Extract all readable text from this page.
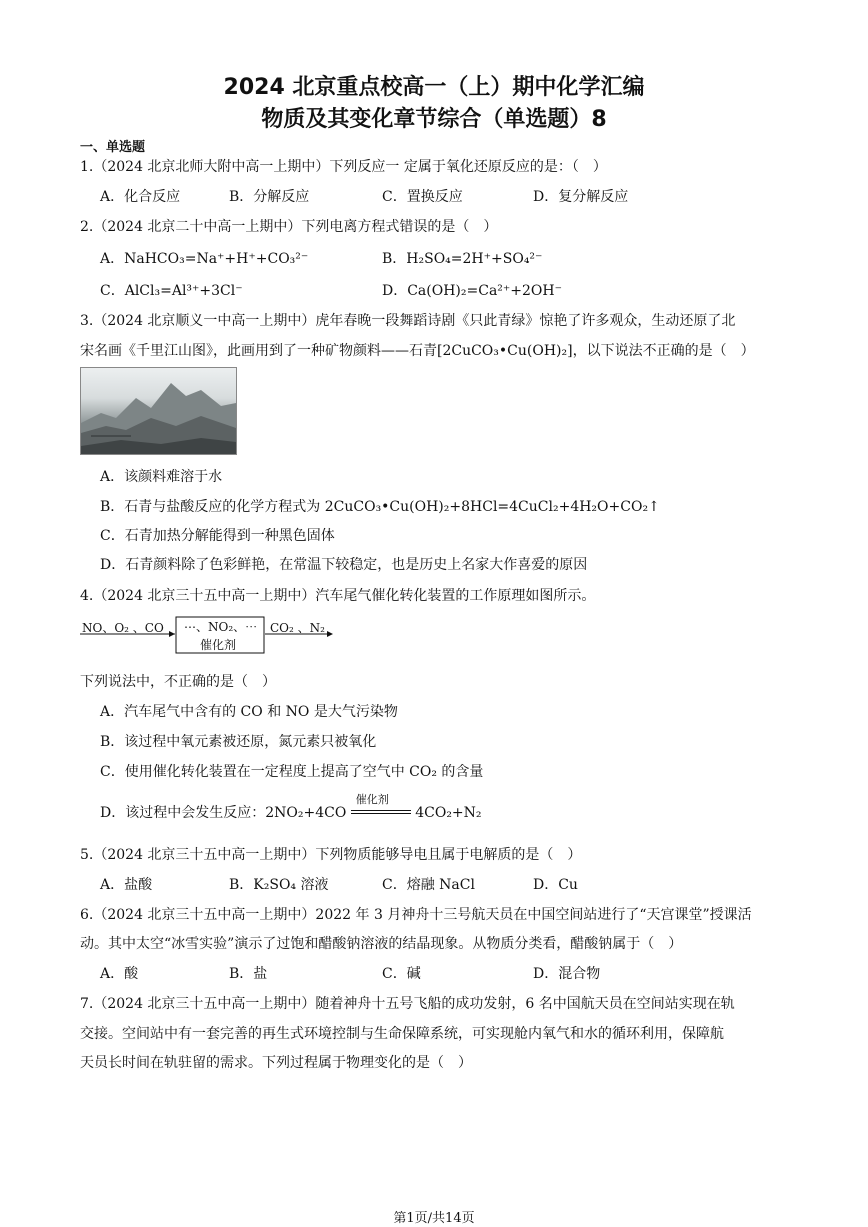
2024 北京重点校高一（上）期中化学汇编
物质及其变化章节综合（单选题）8
一、单选题
1.（2024 北京北师大附中高一上期中）下列反应一 定属于氧化还原反应的是：（　）
A．化合反应	B．分解反应	C．置换反应	D．复分解反应
2.（2024 北京二十中高一上期中）下列电离方程式错误的是（　）
A．NaHCO₃=Na⁺+H⁺+CO₃²⁻	B．H₂SO₄=2H⁺+SO₄²⁻
C．AlCl₃=Al³⁺+3Cl⁻	D．Ca(OH)₂=Ca²⁺+2OH⁻
3.（2024 北京顺义一中高一上期中）虎年春晚一段舞蹈诗剧《只此青绿》惊艳了许多观众，生动还原了北
宋名画《千里江山图》，此画用到了一种矿物颜料——石青[2CuCO₃•Cu(OH)₂]，以下说法不正确的是（　）
A．该颜料难溶于水
B．石青与盐酸反应的化学方程式为 2CuCO₃•Cu(OH)₂+8HCl=4CuCl₂+4H₂O+CO₂↑
C．石青加热分解能得到一种黑色固体
D．石青颜料除了色彩鲜艳，在常温下较稳定，也是历史上名家大作喜爱的原因
4.（2024 北京三十五中高一上期中）汽车尾气催化转化装置的工作原理如图所示。
NO、O₂ 、CO ⋯、NO₂、⋯
催化剂
CO₂ 、N₂
下列说法中，不正确的是（　）
A．汽车尾气中含有的 CO 和 NO 是大气污染物
B．该过程中氧元素被还原，氮元素只被氧化
C．使用催化转化装置在一定程度上提高了空气中 CO₂ 的含量
D．该过程中会发生反应：2NO₂+4CO
催化剂
4CO₂+N₂
5.（2024 北京三十五中高一上期中）下列物质能够导电且属于电解质的是（　）
A．盐酸	B．K₂SO₄ 溶液	C．熔融 NaCl	D．Cu
6.（2024 北京三十五中高一上期中）2022 年 3 月神舟十三号航天员在中国空间站进行了“天宫课堂”授课活
动。其中太空“冰雪实验”演示了过饱和醋酸钠溶液的结晶现象。从物质分类看，醋酸钠属于（　）
A．酸	B．盐	C．碱	D．混合物
7.（2024 北京三十五中高一上期中）随着神舟十五号飞船的成功发射，6 名中国航天员在空间站实现在轨
交接。空间站中有一套完善的再生式环境控制与生命保障系统，可实现舱内氧气和水的循环利用，保障航
天员长时间在轨驻留的需求。下列过程属于物理变化的是（　）
第1页/共14页
